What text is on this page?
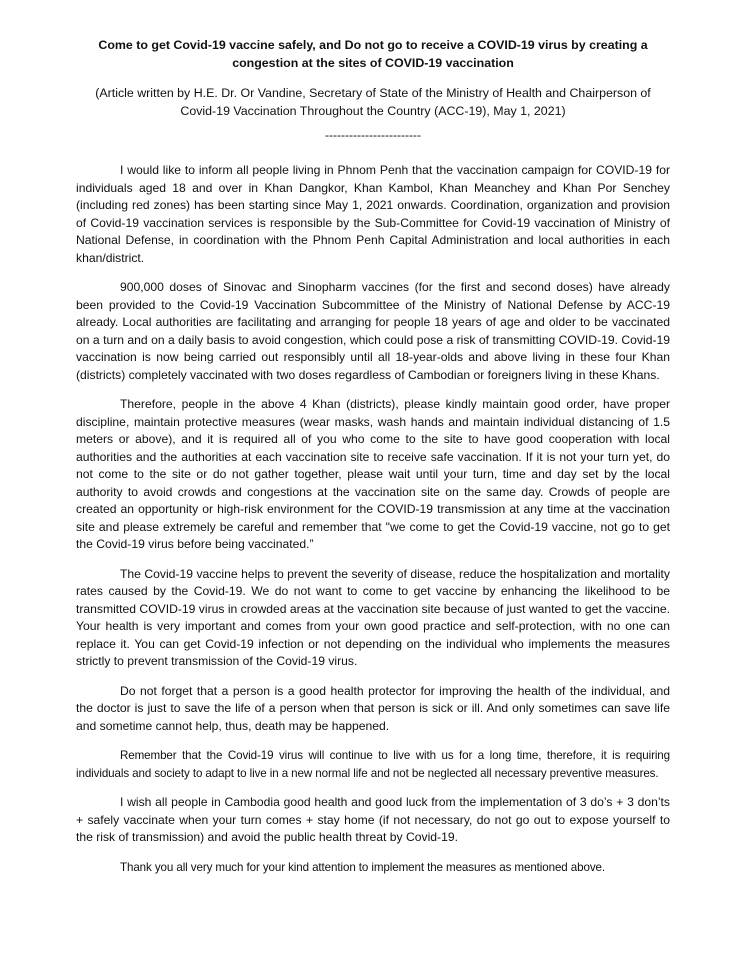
Come to get Covid-19 vaccine safely, and Do not go to receive a COVID-19 virus by creating a congestion at the sites of COVID-19 vaccination

(Article written by H.E. Dr. Or Vandine, Secretary of State of the Ministry of Health and Chairperson of Covid-19 Vaccination Throughout the Country (ACC-19), May 1, 2021)

------------------------

I would like to inform all people living in Phnom Penh that the vaccination campaign for COVID-19 for individuals aged 18 and over in Khan Dangkor, Khan Kambol, Khan Meanchey and Khan Por Senchey (including red zones) has been starting since May 1, 2021 onwards. Coordination, organization and provision of Covid-19 vaccination services is responsible by the Sub-Committee for Covid-19 vaccination of Ministry of National Defense, in coordination with the Phnom Penh Capital Administration and local authorities in each khan/district.

900,000 doses of Sinovac and Sinopharm vaccines (for the first and second doses) have already been provided to the Covid-19 Vaccination Subcommittee of the Ministry of National Defense by ACC-19 already. Local authorities are facilitating and arranging for people 18 years of age and older to be vaccinated on a turn and on a daily basis to avoid congestion, which could pose a risk of transmitting COVID-19. Covid-19 vaccination is now being carried out responsibly until all 18-year-olds and above living in these four Khan (districts) completely vaccinated with two doses regardless of Cambodian or foreigners living in these Khans.

Therefore, people in the above 4 Khan (districts), please kindly maintain good order, have proper discipline, maintain protective measures (wear masks, wash hands and maintain individual distancing of 1.5 meters or above), and it is required all of you who come to the site to have good cooperation with local authorities and the authorities at each vaccination site to receive safe vaccination. If it is not your turn yet, do not come to the site or do not gather together, please wait until your turn, time and day set by the local authority to avoid crowds and congestions at the vaccination site on the same day. Crowds of people are created an opportunity or high-risk environment for the COVID-19 transmission at any time at the vaccination site and please extremely be careful and remember that "we come to get the Covid-19 vaccine, not go to get the Covid-19 virus before being vaccinated.”

The Covid-19 vaccine helps to prevent the severity of disease, reduce the hospitalization and mortality rates caused by the Covid-19. We do not want to come to get vaccine by enhancing the likelihood to be transmitted COVID-19 virus in crowded areas at the vaccination site because of just wanted to get the vaccine. Your health is very important and comes from your own good practice and self-protection, with no one can replace it. You can get Covid-19 infection or not depending on the individual who implements the measures strictly to prevent transmission of the Covid-19 virus.

Do not forget that a person is a good health protector for improving the health of the individual, and the doctor is just to save the life of a person when that person is sick or ill. And only sometimes can save life and sometime cannot help, thus, death may be happened.

Remember that the Covid-19 virus will continue to live with us for a long time, therefore, it is requiring individuals and society to adapt to live in a new normal life and not be neglected all necessary preventive measures.

I wish all people in Cambodia good health and good luck from the implementation of 3 do’s + 3 don’ts + safely vaccinate when your turn comes + stay home (if not necessary, do not go out to expose yourself to the risk of transmission) and avoid the public health threat by Covid-19.

Thank you all very much for your kind attention to implement the measures as mentioned above.
